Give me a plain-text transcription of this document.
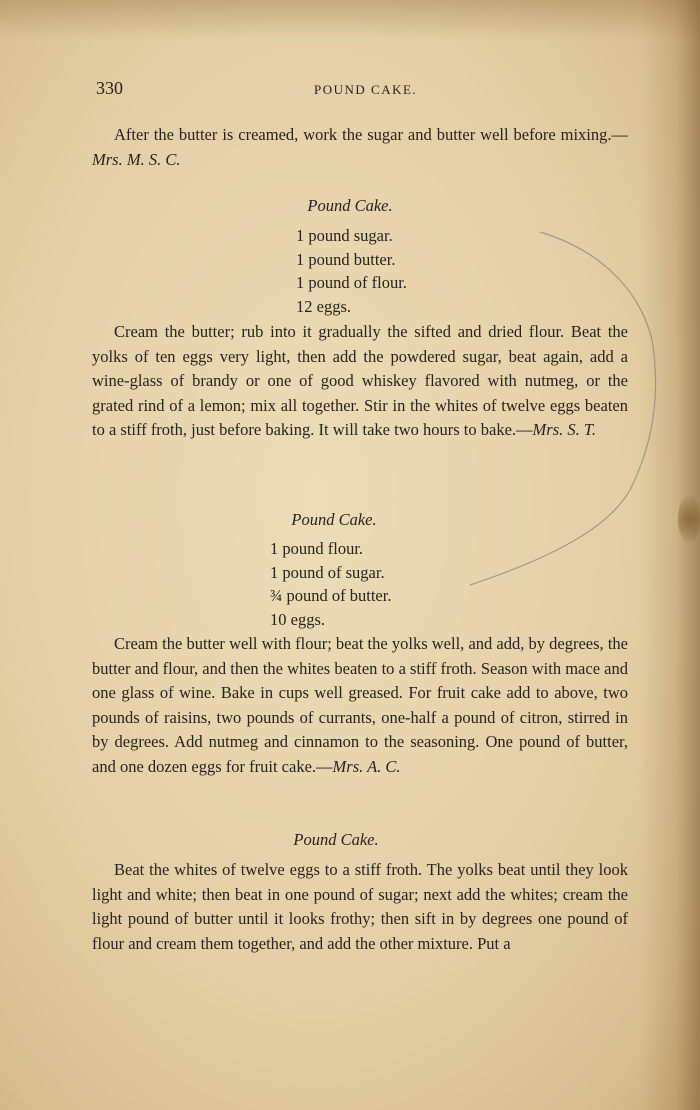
330	POUND CAKE.

After the butter is creamed, work the sugar and butter well before mixing.—Mrs. M. S. C.

Pound Cake.
1 pound sugar.
1 pound butter.
1 pound of flour.
12 eggs.

Cream the butter; rub into it gradually the sifted and dried flour. Beat the yolks of ten eggs very light, then add the powdered sugar, beat again, add a wine-glass of brandy or one of good whiskey flavored with nutmeg, or the grated rind of a lemon; mix all together. Stir in the whites of twelve eggs beaten to a stiff froth, just before baking. It will take two hours to bake.—Mrs. S. T.

Pound Cake.
1 pound flour.
1 pound of sugar.
¾ pound of butter.
10 eggs.

Cream the butter well with flour; beat the yolks well, and add, by degrees, the butter and flour, and then the whites beaten to a stiff froth. Season with mace and one glass of wine. Bake in cups well greased. For fruit cake add to above, two pounds of raisins, two pounds of currants, one-half a pound of citron, stirred in by degrees. Add nutmeg and cinnamon to the seasoning. One pound of butter, and one dozen eggs for fruit cake.—Mrs. A. C.

Pound Cake.

Beat the whites of twelve eggs to a stiff froth. The yolks beat until they look light and white; then beat in one pound of sugar; next add the whites; cream the light pound of butter until it looks frothy; then sift in by degrees one pound of flour and cream them together, and add the other mixture. Put a
